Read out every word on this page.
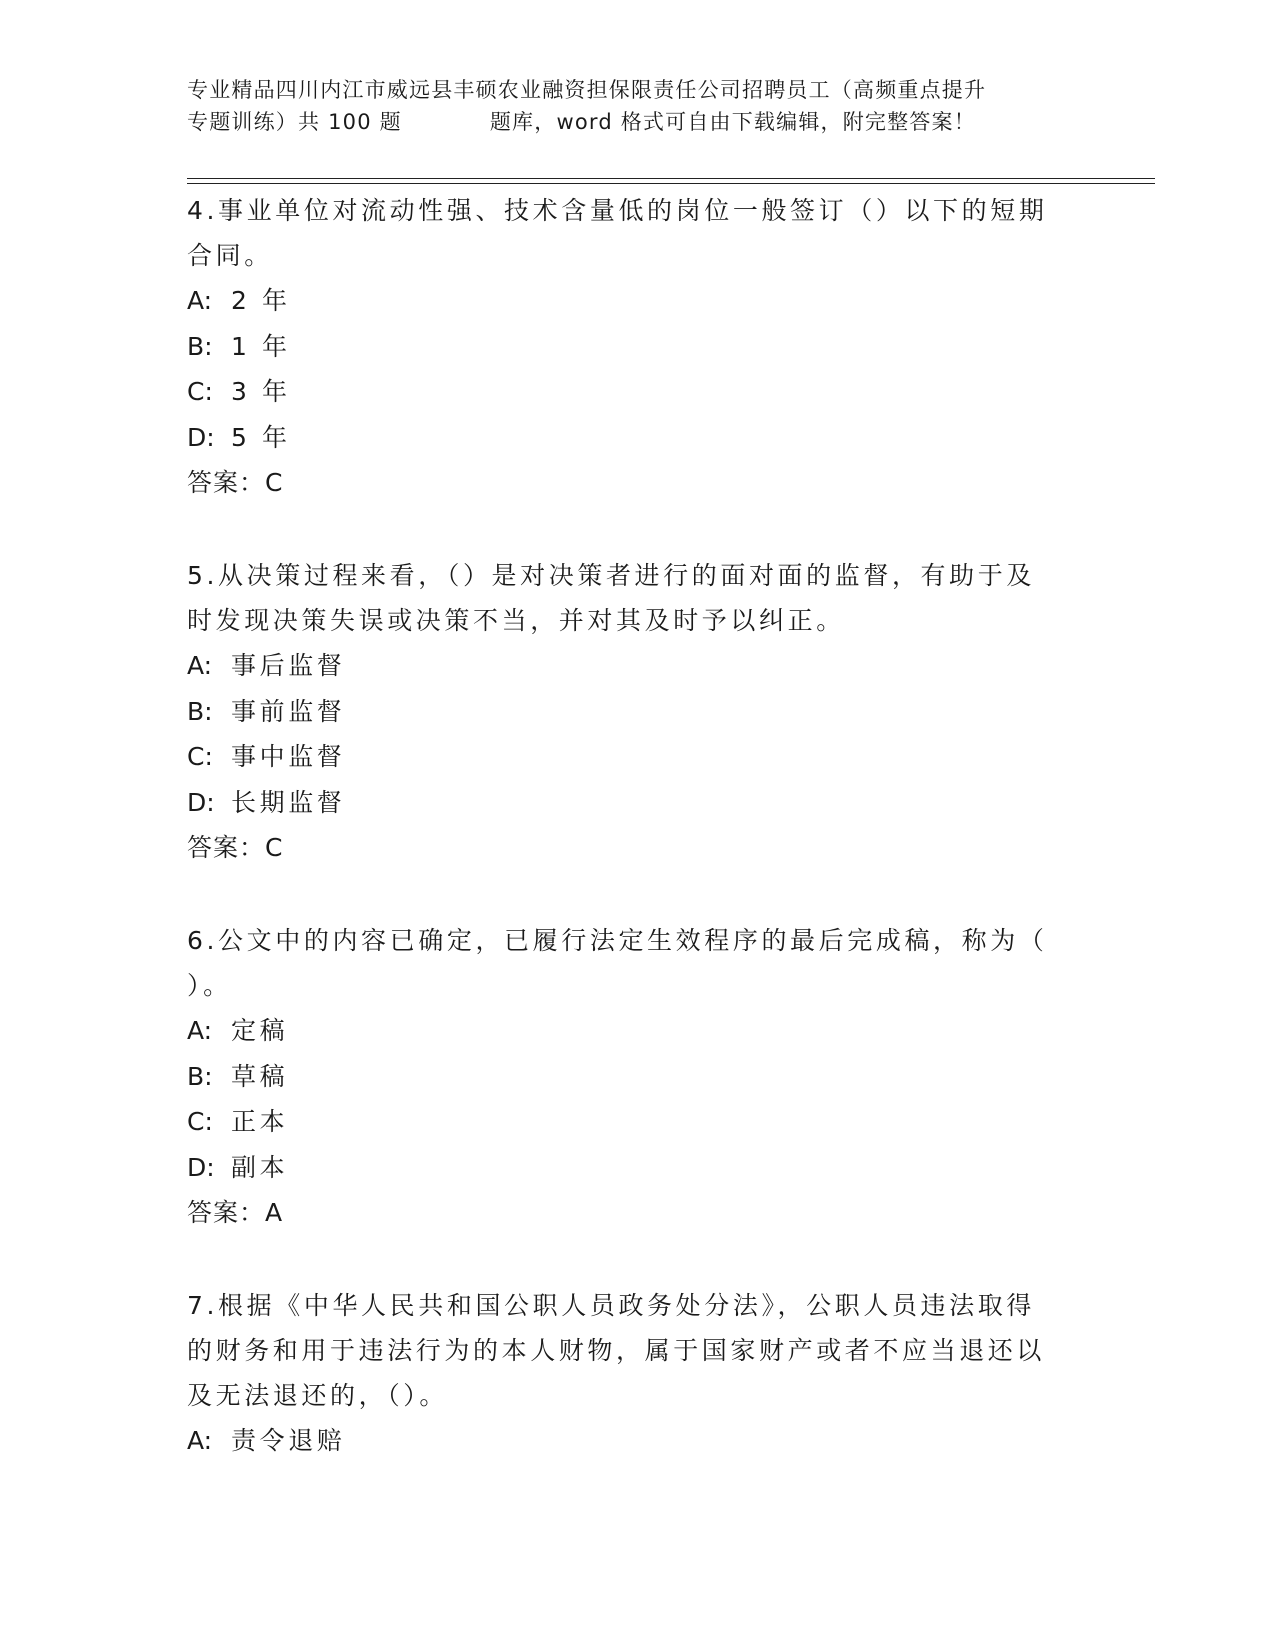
专业精品四川内江市威远县丰硕农业融资担保限责任公司招聘员工（高频重点提升
专题训练）共 100 题	题库，word 格式可自由下载编辑，附完整答案！

4.事业单位对流动性强、技术含量低的岗位一般签订（）以下的短期
合同。

A: 2 年

B: 1 年

C: 3 年

D: 5 年

答案：C

5.从决策过程来看，（）是对决策者进行的面对面的监督，有助于及
时发现决策失误或决策不当，并对其及时予以纠正。

A: 事后监督

B: 事前监督

C: 事中监督

D: 长期监督

答案：C

6.公文中的内容已确定，已履行法定生效程序的最后完成稿，称为（
）。

A: 定稿

B: 草稿

C: 正本

D: 副本

答案：A

7.根据《中华人民共和国公职人员政务处分法》，公职人员违法取得
的财务和用于违法行为的本人财物，属于国家财产或者不应当退还以
及无法退还的，（）。

A: 责令退赔
